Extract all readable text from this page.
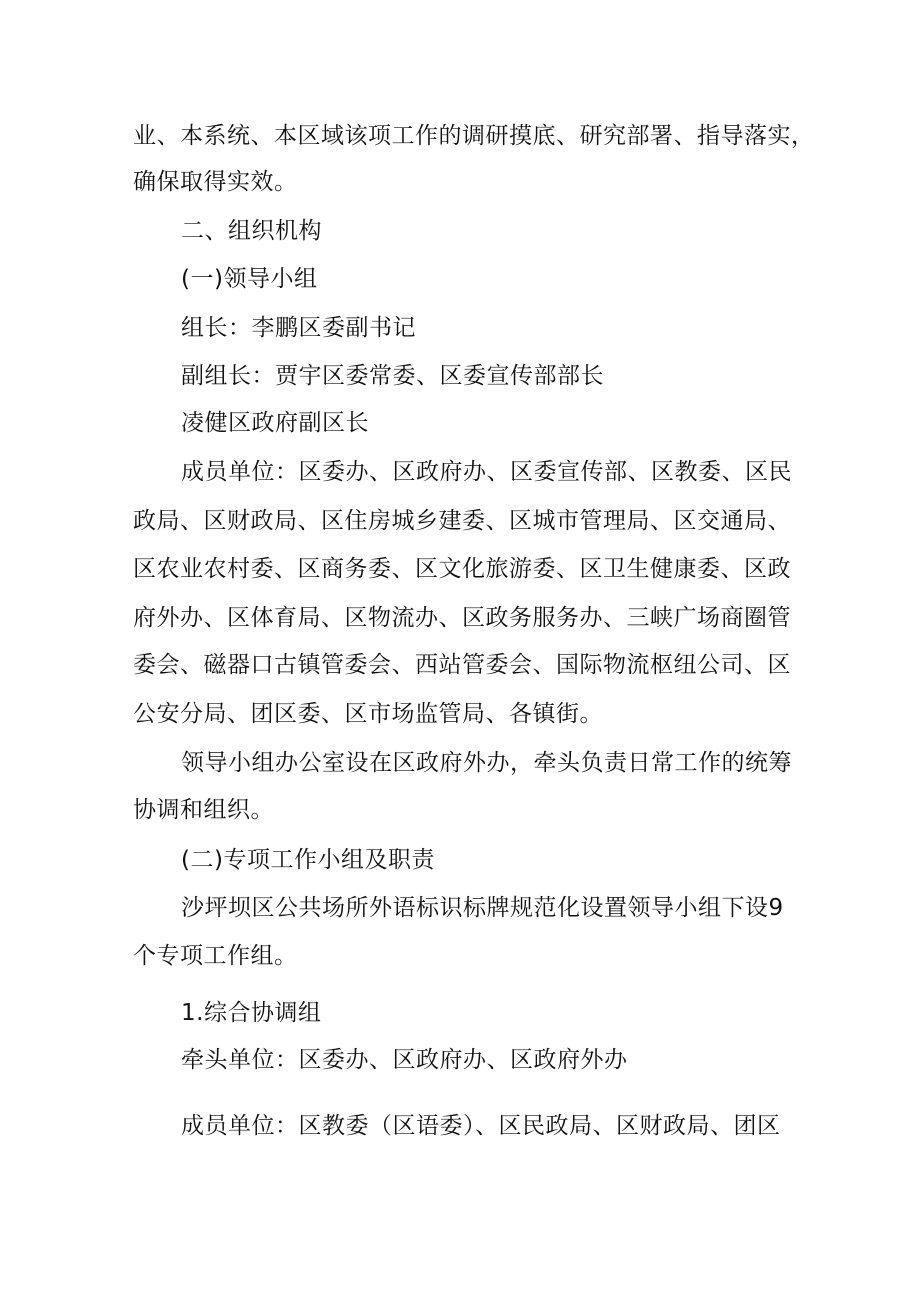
业、本系统、本区域该项工作的调研摸底、研究部署、指导落实，
确保取得实效。
二、组织机构
(一)领导小组
组长：李鹏区委副书记
副组长：贾宇区委常委、区委宣传部部长
凌健区政府副区长
成员单位：区委办、区政府办、区委宣传部、区教委、区民
政局、区财政局、区住房城乡建委、区城市管理局、区交通局、
区农业农村委、区商务委、区文化旅游委、区卫生健康委、区政
府外办、区体育局、区物流办、区政务服务办、三峡广场商圈管
委会、磁器口古镇管委会、西站管委会、国际物流枢纽公司、区
公安分局、团区委、区市场监管局、各镇街。
领导小组办公室设在区政府外办，牵头负责日常工作的统筹
协调和组织。
(二)专项工作小组及职责
沙坪坝区公共场所外语标识标牌规范化设置领导小组下设9
个专项工作组。
1.综合协调组
牵头单位：区委办、区政府办、区政府外办
成员单位：区教委（区语委）、区民政局、区财政局、团区
